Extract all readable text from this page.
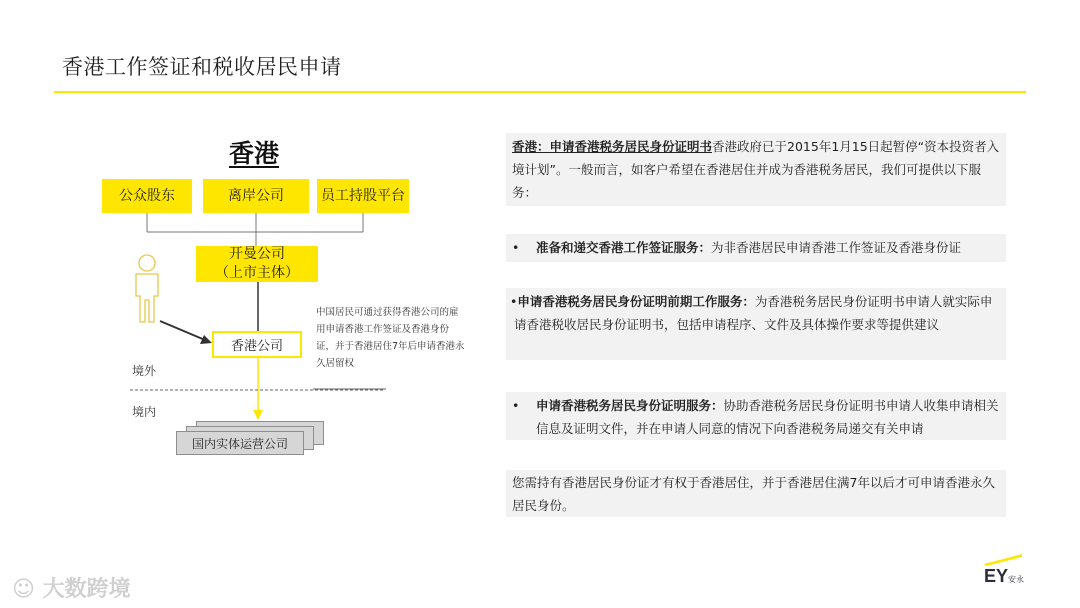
香港工作签证和税收居民申请
香港
公众股东	离岸公司	员工持股平台
开曼公司
（上市主体）
香港公司
中国居民可通过获得香港公司的雇用申请香港工作签证及香港身份证，并于香港居住7年后申请香港永久居留权
境外
境内
国内实体运营公司
香港：申请香港税务居民身份证明书香港政府已于2015年1月15日起暂停“资本投资者入境计划”。一般而言，如客户希望在香港居住并成为香港税务居民，我们可提供以下服务：
• 准备和递交香港工作签证服务：为非香港居民申请香港工作签证及香港身份证
•申请香港税务居民身份证明前期工作服务：为香港税务居民身份证明书申请人就实际申请香港税收居民身份证明书，包括申请程序、文件及具体操作要求等提供建议
• 申请香港税务居民身份证明服务：协助香港税务居民身份证明书申请人收集申请相关信息及证明文件，并在申请人同意的情况下向香港税务局递交有关申请
您需持有香港居民身份证才有权于香港居住，并于香港居住满7年以后才可申请香港永久居民身份。
☺ 大数跨境
EY安永
